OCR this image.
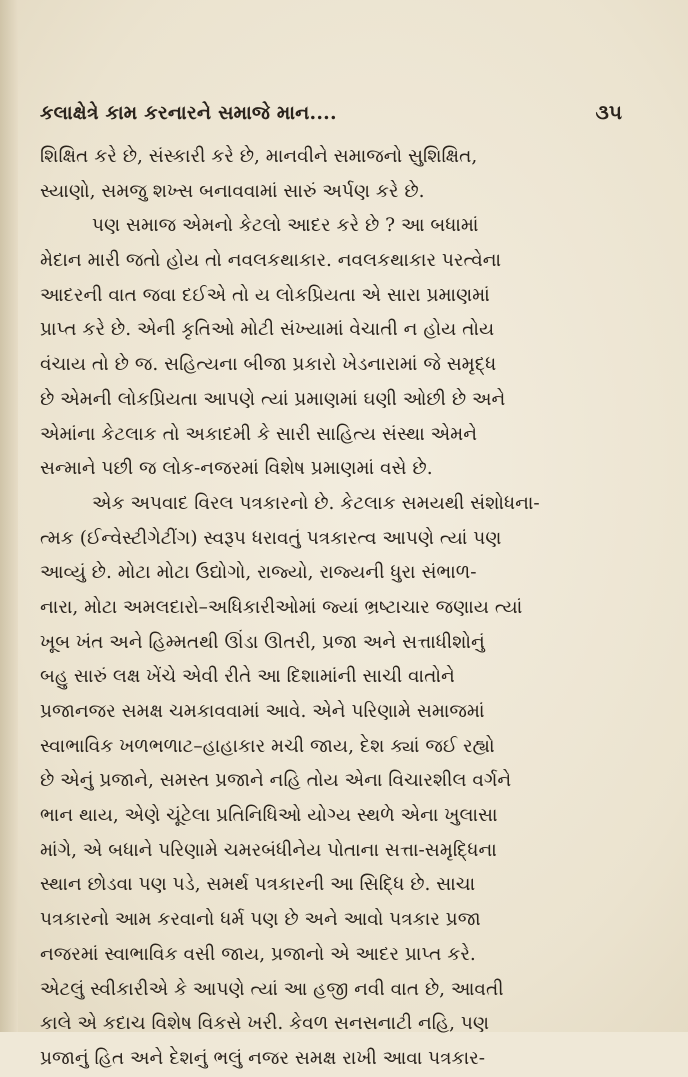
કલાક્ષેત્રે કામ કરનારને સમાજે માન....	૩૫
શિક્ષિત કરે છે, સંસ્કારી કરે છે, માનવીને સમાજનો સુશિક્ષિત,
સ્યાણો, સમજુ શખ્સ બનાવવામાં સારું અર્પણ કરે છે.
પણ સમાજ એમનો કેટલો આદર કરે છે ? આ બધામાં
મેદાન મારી જતો હોય તો નવલકથાકાર. નવલકથાકાર પરત્વેના
આદરની વાત જવા દઈએ તો ય લોકપ્રિયતા એ સારા પ્રમાણમાં
પ્રાપ્ત કરે છે. એની કૃતિઓ મોટી સંખ્યામાં વેચાતી ન હોય તોય
વંચાય તો છે જ. સહિત્યના બીજા પ્રકારો ખેડનારામાં જે સમૃદ્ધ
છે એમની લોકપ્રિયતા આપણે ત્યાં પ્રમાણમાં ઘણી ઓછી છે અને
એમાંના કેટલાક તો અકાદમી કે સારી સાહિત્ય સંસ્થા એમને
સન્માને પછી જ લોક-નજરમાં વિશેષ પ્રમાણમાં વસે છે.
એક અપવાદ વિરલ પત્રકારનો છે. કેટલાક સમયથી સંશોધના-
ત્મક (ઈન્વેસ્ટીગેટીંગ) સ્વરૂપ ધરાવતું પત્રકારત્વ આપણે ત્યાં પણ
આવ્યું છે. મોટા મોટા ઉદ્યોગો, રાજ્યો, રાજ્યની ધુરા સંભાળ-
નારા, મોટા અમલદારો–અધિકારીઓમાં જ્યાં ભ્રષ્ટાચાર જણાય ત્યાં
ખૂબ ખંત અને હિમ્મતથી ઊંડા ઊતરી, પ્રજા અને સત્તાધીશોનું
બહુ સારું લક્ષ ખેંચે એવી રીતે આ દિશામાંની સાચી વાતોને
પ્રજાનજર સમક્ષ ચમકાવવામાં આવે. એને પરિણામે સમાજમાં
સ્વાભાવિક ખળભળાટ–હાહાકાર મચી જાય, દેશ ક્યાં જઈ રહ્યો
છે એનું પ્રજાને, સમસ્ત પ્રજાને નહિ તોય એના વિચારશીલ વર્ગને
ભાન થાય, એણે ચૂંટેલા પ્રતિનિધિઓ યોગ્ય સ્થળે એના ખુલાસા
માંગે, એ બધાને પરિણામે ચમરબંધીનેય પોતાના સત્તા-સમૃદ્ધિના
સ્થાન છોડવા પણ પડે, સમર્થ પત્રકારની આ સિદ્ધિ છે. સાચા
પત્રકારનો આમ કરવાનો ધર્મ પણ છે અને આવો પત્રકાર પ્રજા
નજરમાં સ્વાભાવિક વસી જાય, પ્રજાનો એ આદર પ્રાપ્ત કરે.
એટલું સ્વીકારીએ કે આપણે ત્યાં આ હજી નવી વાત છે, આવતી
કાલે એ કદાચ વિશેષ વિકસે ખરી. કેવળ સનસનાટી નહિ, પણ
પ્રજાનું હિત અને દેશનું ભલું નજર સમક્ષ રાખી આવા પત્રકાર-
